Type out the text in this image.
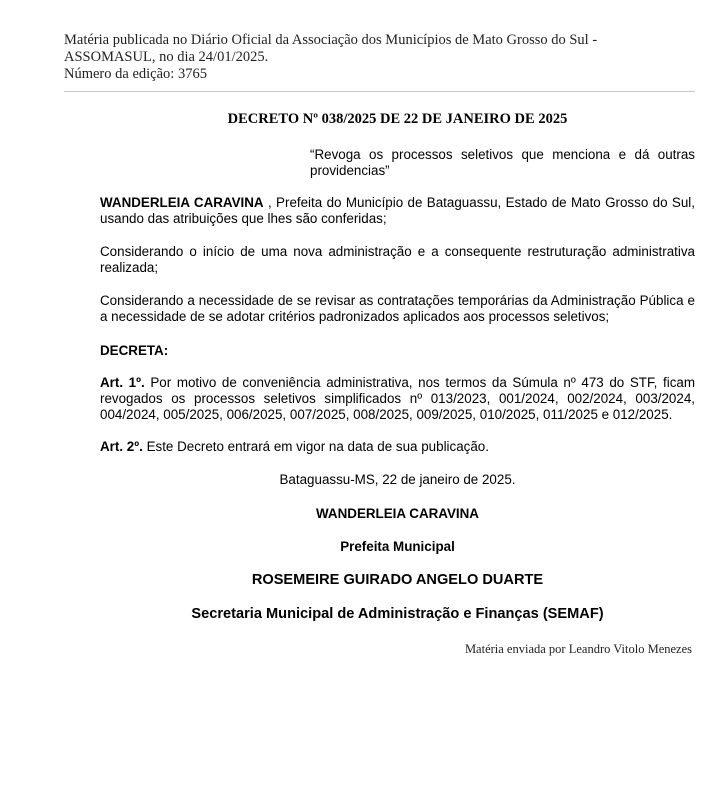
Matéria publicada no Diário Oficial da Associação dos Municípios de Mato Grosso do Sul -
ASSOMASUL, no dia 24/01/2025.
Número da edição: 3765
DECRETO Nº 038/2025 DE 22 DE JANEIRO DE 2025
“Revoga os processos seletivos que menciona e dá outras providencias”
WANDERLEIA CARAVINA , Prefeita do Município de Bataguassu, Estado de Mato Grosso do Sul, usando das atribuições que lhes são conferidas;
Considerando o início de uma nova administração e a consequente restruturação administrativa realizada;
Considerando a necessidade de se revisar as contratações temporárias da Administração Pública e a necessidade de se adotar critérios padronizados aplicados aos processos seletivos;
DECRETA:
Art. 1º. Por motivo de conveniência administrativa, nos termos da Súmula nº 473 do STF, ficam revogados os processos seletivos simplificados nº 013/2023, 001/2024, 002/2024, 003/2024, 004/2024, 005/2025, 006/2025, 007/2025, 008/2025, 009/2025, 010/2025, 011/2025 e 012/2025.
Art. 2º. Este Decreto entrará em vigor na data de sua publicação.
Bataguassu-MS, 22 de janeiro de 2025.
WANDERLEIA CARAVINA
Prefeita Municipal
ROSEMEIRE GUIRADO ANGELO DUARTE
Secretaria Municipal de Administração e Finanças (SEMAF)
Matéria enviada por Leandro Vitolo Menezes
